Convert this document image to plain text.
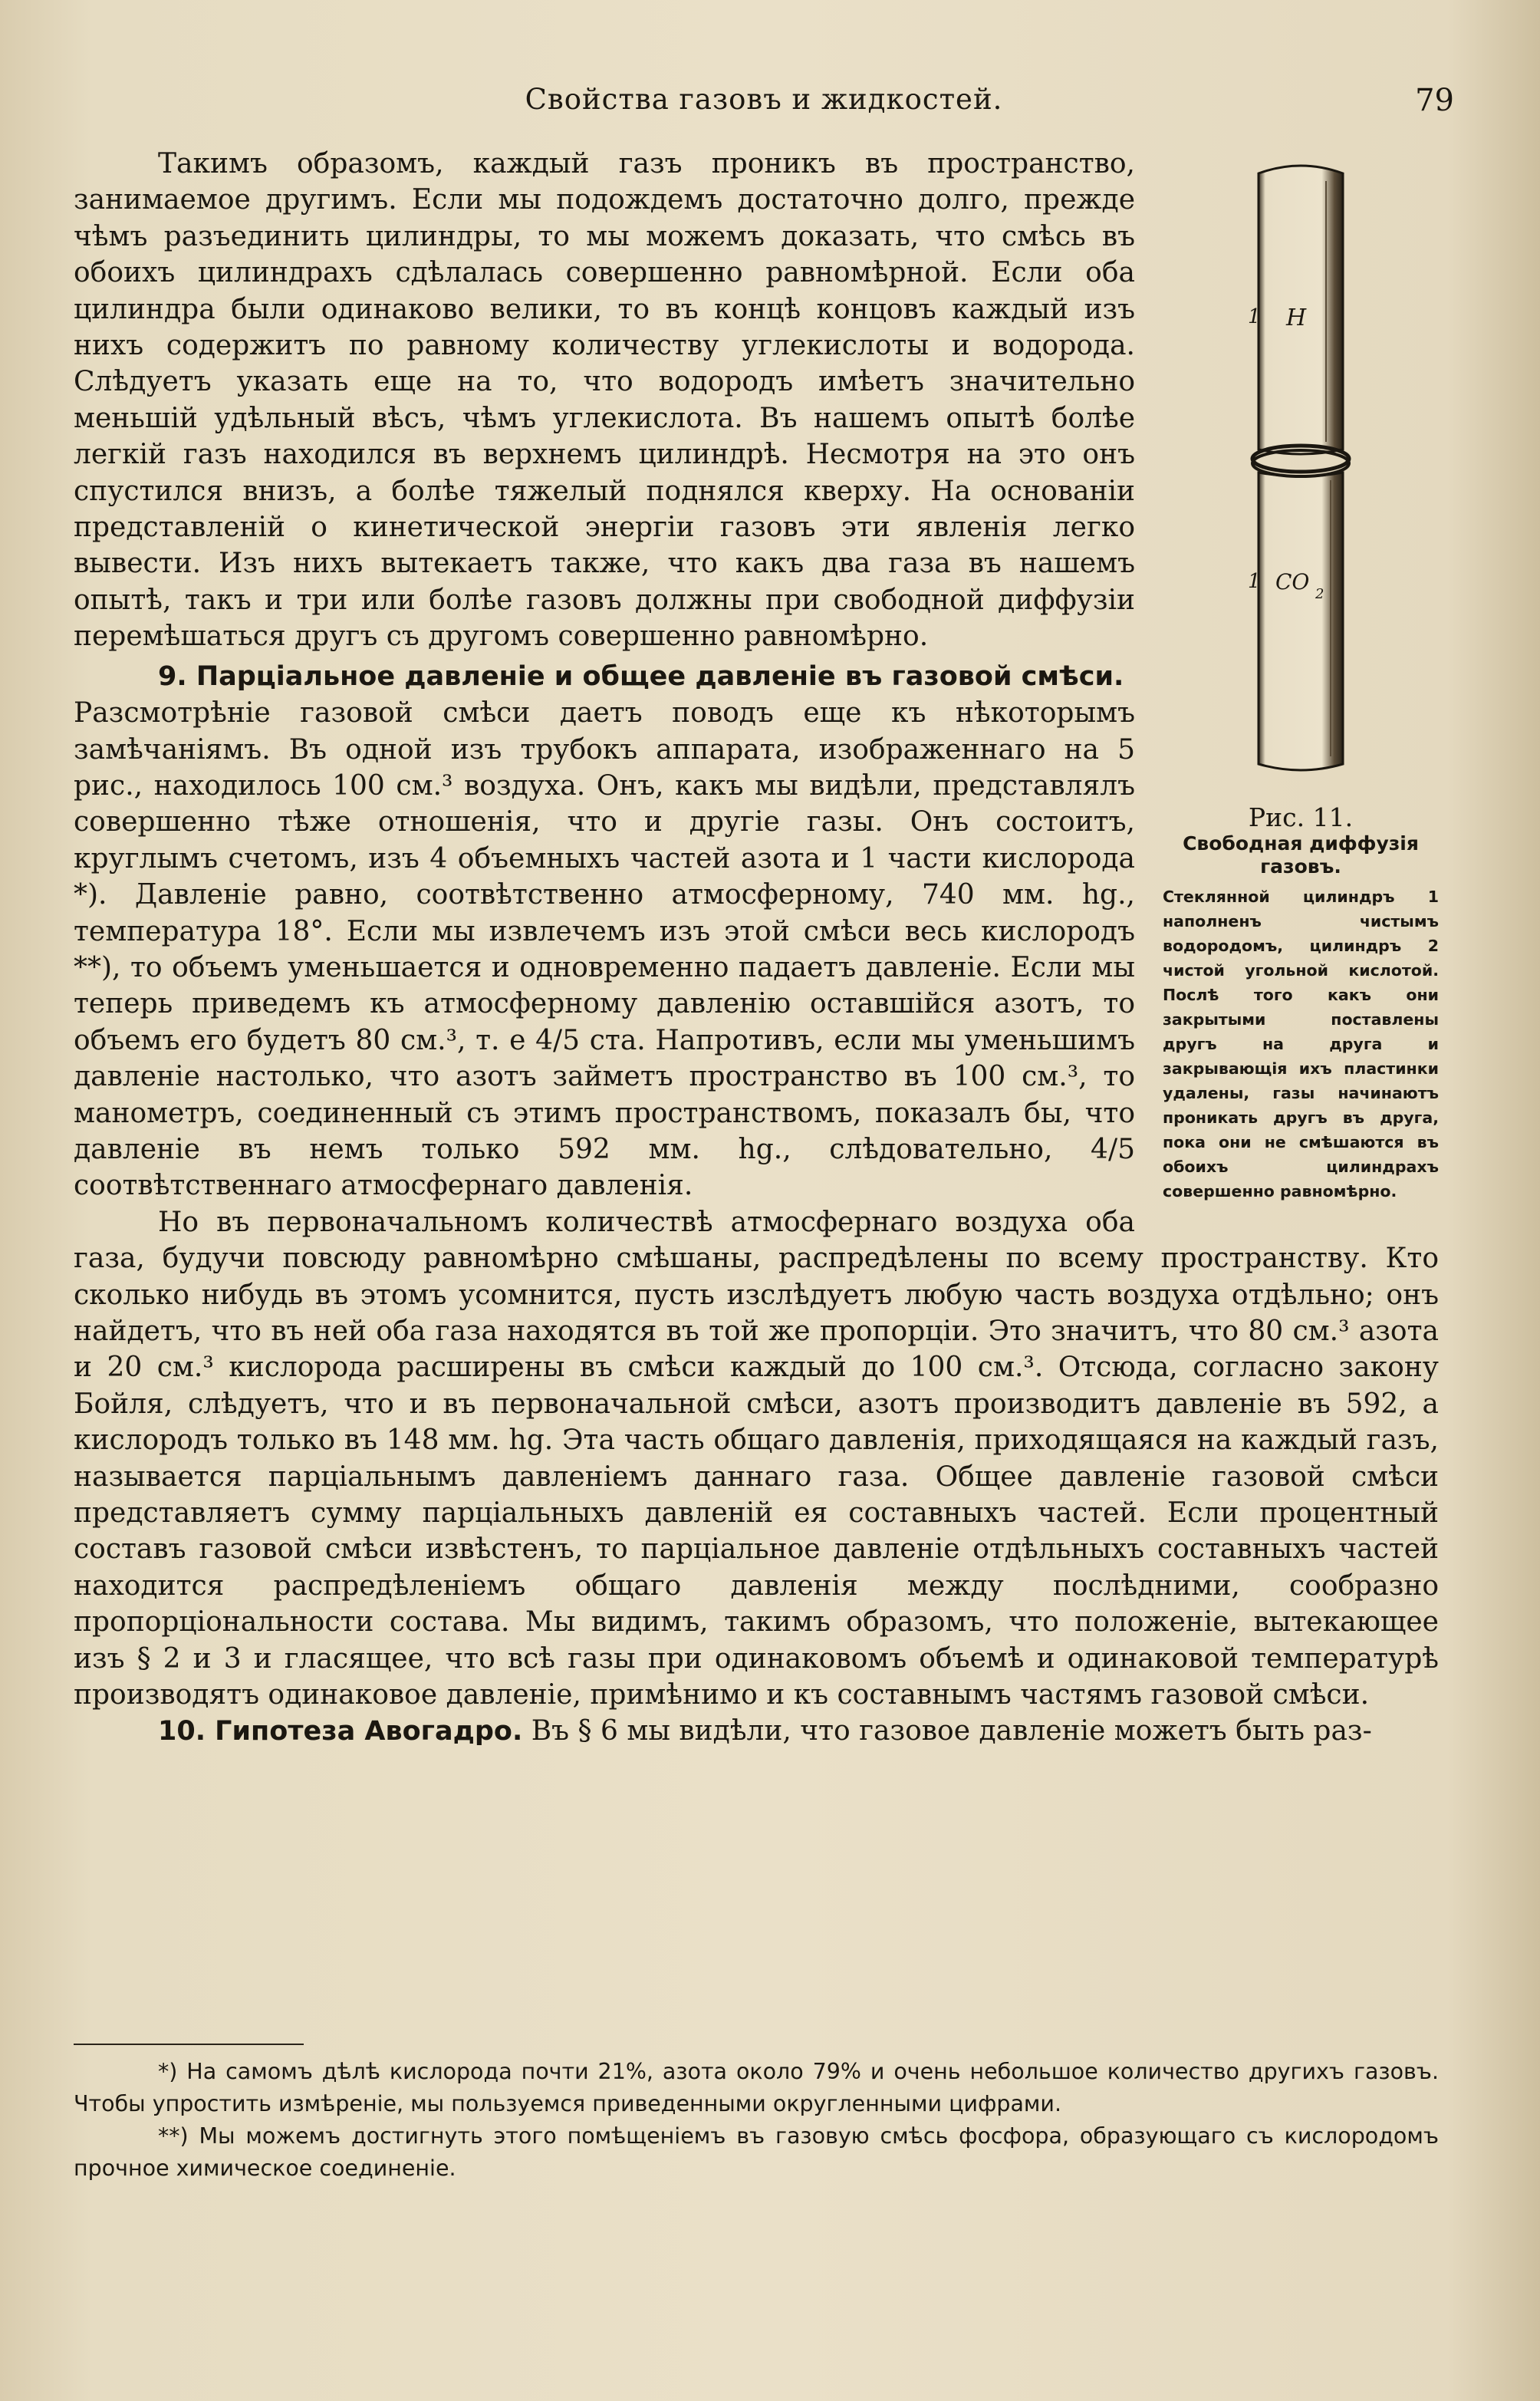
Свойства газовъ и жидкостей.	79
1 H
1 CO 2
Рис. 11.
Свободная диффузія газовъ.
Стеклянной цилиндръ 1 наполненъ чистымъ водородомъ, цилиндръ 2 чистой угольной кислотой. Послѣ того какъ они закрытыми поставлены другъ на друга и закрывающія ихъ пластинки удалены, газы начинаютъ проникать другъ въ друга, пока они не смѣшаются въ обоихъ цилиндрахъ совершенно равномѣрно.

Такимъ образомъ, каждый газъ проникъ въ пространство, занимаемое другимъ. Если мы подождемъ достаточно долго, прежде чѣмъ разъединить цилиндры, то мы можемъ доказать, что смѣсь въ обоихъ цилиндрахъ сдѣлалась совершенно равномѣрной. Если оба цилиндра были одинаково велики, то въ концѣ концовъ каждый изъ нихъ содержитъ по равному количеству углекислоты и водорода. Слѣдуетъ указать еще на то, что водородъ имѣетъ значительно меньшій удѣльный вѣсъ, чѣмъ углекислота. Въ нашемъ опытѣ болѣе легкій газъ находился въ верхнемъ цилиндрѣ. Несмотря на это онъ спустился внизъ, а болѣе тяжелый поднялся кверху. На основаніи представленій о кинетической энергіи газовъ эти явленія легко вывести. Изъ нихъ вытекаетъ также, что какъ два газа въ нашемъ опытѣ, такъ и три или болѣе газовъ должны при свободной диффузіи перемѣшаться другъ съ другомъ совершенно равномѣрно.

9. Парціальное давленіе и общее давленіе въ газовой смѣси.

Разсмотрѣніе газовой смѣси даетъ поводъ еще къ нѣкоторымъ замѣчаніямъ. Въ одной изъ трубокъ аппарата, изображеннаго на 5 рис., находилось 100 см.³ воздуха. Онъ, какъ мы видѣли, представлялъ совершенно тѣже отношенія, что и другіе газы. Онъ состоитъ, круглымъ счетомъ, изъ 4 объемныхъ частей азота и 1 части кислорода *). Давленіе равно, соотвѣтственно атмосферному, 740 мм. hg., температура 18°. Если мы извлечемъ изъ этой смѣси весь кислородъ **), то объемъ уменьшается и одновременно падаетъ давленіе. Если мы теперь приведемъ къ атмосферному давленію оставшійся азотъ, то объемъ его будетъ 80 см.³, т. е 4/5 ста. Напротивъ, если мы уменьшимъ давленіе настолько, что азотъ займетъ пространство въ 100 см.³, то манометръ, соединенный съ этимъ пространствомъ, показалъ бы, что давленіе въ немъ только 592 мм. hg., слѣдовательно, 4/5 соотвѣтственнаго атмосфернаго давленія.

Но въ первоначальномъ количествѣ атмосфернаго воздуха оба газа, будучи повсюду равномѣрно смѣшаны, распредѣлены по всему пространству. Кто сколько нибудь въ этомъ усомнится, пусть изслѣдуетъ любую часть воздуха отдѣльно; онъ найдетъ, что въ ней оба газа находятся въ той же пропорціи. Это значитъ, что 80 см.³ азота и 20 см.³ кислорода расширены въ смѣси каждый до 100 см.³. Отсюда, согласно закону Бойля, слѣдуетъ, что и въ первоначальной смѣси, азотъ производитъ давленіе въ 592, а кислородъ только въ 148 мм. hg. Эта часть общаго давленія, приходящаяся на каждый газъ, называется парціальнымъ давленіемъ даннаго газа. Общее давленіе газовой смѣси представляетъ сумму парціальныхъ давленій ея составныхъ частей. Если процентный составъ газовой смѣси извѣстенъ, то парціальное давленіе отдѣльныхъ составныхъ частей находится распредѣленіемъ общаго давленія между послѣдними, сообразно пропорціональности состава. Мы видимъ, такимъ образомъ, что положеніе, вытекающее изъ § 2 и 3 и гласящее, что всѣ газы при одинаковомъ объемѣ и одинаковой температурѣ производятъ одинаковое давленіе, примѣнимо и къ составнымъ частямъ газовой смѣси.

10. Гипотеза Авогадро. Въ § 6 мы видѣли, что газовое давленіе можетъ быть раз-

*) На самомъ дѣлѣ кислорода почти 21%, азота около 79% и очень небольшое количество другихъ газовъ. Чтобы упростить измѣреніе, мы пользуемся приведенными округленными цифрами.

**) Мы можемъ достигнуть этого помѣщеніемъ въ газовую смѣсь фосфора, образующаго съ кислородомъ прочное химическое соединеніе.
